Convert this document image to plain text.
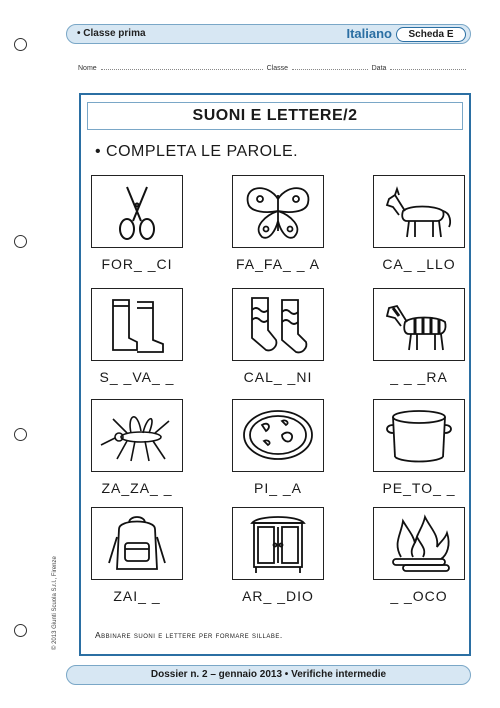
• Classe prima	Italiano	Scheda E
Nome	Classe	Data
SUONI E LETTERE/2
• COMPLETA LE PAROLE.
FOR_ _CI	FA_FA_ _ A	CA_ _LLO
S_ _VA_ _	CAL_ _NI	_ _ _RA
ZA_ZA_ _	PI_ _A	PE_TO_ _
ZAI_ _	AR_ _DIO	_ _OCO
Abbinare suoni e lettere per formare sillabe.
© 2013 Giunti Scuola S.r.l., Firenze
Dossier n. 2 – gennaio 2013 • Verifiche intermedie
